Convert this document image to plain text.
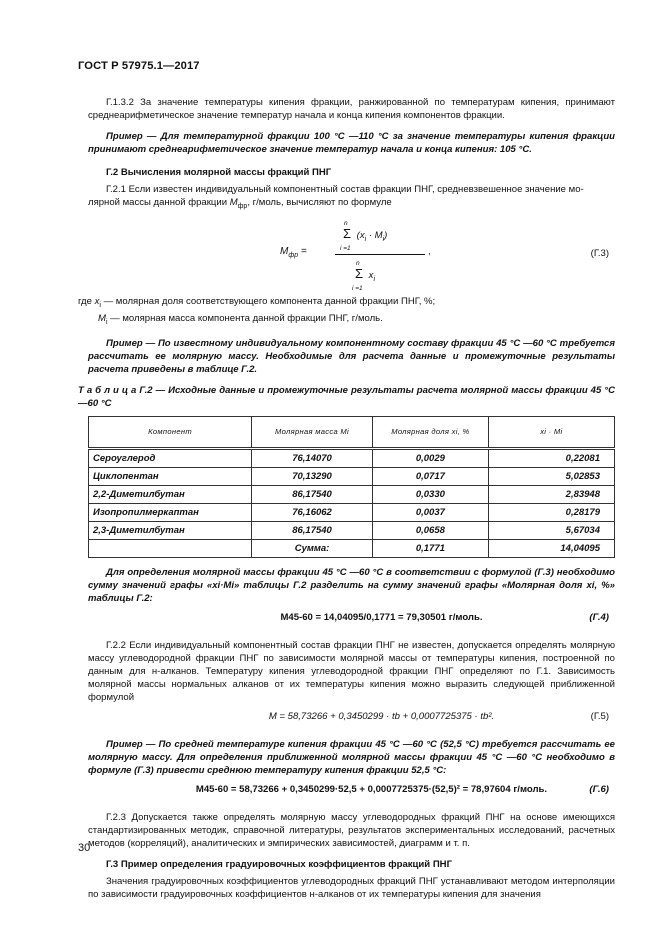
ГОСТ Р 57975.1—2017

Г.1.3.2 За значение температуры кипения фракции, ранжированной по температурам кипения, принимают среднеарифметическое значение температур начала и конца кипения компонентов фракции.

Пример — Для температурной фракции 100 °С —110 °С за значение температуры кипения фракции принимают среднеарифметическое значение температур начала и конца кипения: 105 °С.

Г.2 Вычисления молярной массы фракций ПНГ

Г.2.1 Если известен индивидуальный компонентный состав фракции ПНГ, средневзвешенное значение мо-
лярной массы данной фракции $М_{фр}$, г/моль, вычисляют по формуле

$M_{фр}$ =
n
Σ $(x_i \cdot M_i)$
i =1
n
Σ $x_i$
i =1
,	(Г.3)

где $x_i$ — молярная доля соответствующего компонента данной фракции ПНГ, %;

$M_i$ — молярная масса компонента данной фракции ПНГ, г/моль.

Пример — По известному индивидуальному компонентному составу фракции 45 °С —60 °С требуется рассчитать ее молярную массу. Необходимые для расчета данные и промежуточные результаты расчета приведены в таблице Г.2.

Т а б л и ц а Г.2 — Исходные данные и промежуточные результаты расчета молярной массы фракции 45 °С —60 °С

Компонент	Молярная масса Mi	Молярная доля xi, %	xi · Mi
Сероуглерод	76,14070	0,0029	0,22081
Циклопентан	70,13290	0,0717	5,02853
2,2-Диметилбутан	86,17540	0,0330	2,83948
Изопропилмеркаптан	76,16062	0,0037	0,28179
2,3-Диметилбутан	86,17540	0,0658	5,67034
	Сумма:	0,1771	14,04095

Для определения молярной массы фракции 45 °С —60 °С в соответствии с формулой (Г.3) необходимо сумму значений графы «xi·Mi» таблицы Г.2 разделить на сумму значений графы «Молярная доля xi, %» таблицы Г.2:

M45-60 = 14,04095/0,1771 = 79,30501 г/моль.	(Г.4)

Г.2.2 Если индивидуальный компонентный состав фракции ПНГ не известен, допускается определять молярную массу углеводородной фракции ПНГ по зависимости молярной массы от температуры кипения, построенной по данным для н-алканов. Температуру кипения углеводородной фракции ПНГ определяют по Г.1. Зависимость молярной массы нормальных алканов от их температуры кипения можно выразить следующей приближенной формулой

M = 58,73266 + 0,3450299 · tb + 0,0007725375 · tb².	(Г.5)

Пример — По средней температуре кипения фракции 45 °С —60 °С (52,5 °С) требуется рассчитать ее молярную массу. Для определения приближенной молярной массы фракции 45 °С —60 °С необходимо в формуле (Г.3) привести среднюю температуру кипения фракции 52,5 °С:

M45-60 = 58,73266 + 0,3450299·52,5 + 0,0007725375·(52,5)² = 78,97604 г/моль.	(Г.6)

Г.2.3 Допускается также определять молярную массу углеводородных фракций ПНГ на основе имеющихся стандартизированных методик, справочной литературы, результатов экспериментальных исследований, расчетных методов (корреляций), аналитических и эмпирических зависимостей, диаграмм и т. п.

Г.3 Пример определения градуировочных коэффициентов фракций ПНГ

Значения градуировочных коэффициентов углеводородных фракций ПНГ устанавливают методом интерполяции по зависимости градуировочных коэффициентов н-алканов от их температуры кипения для значения

30
